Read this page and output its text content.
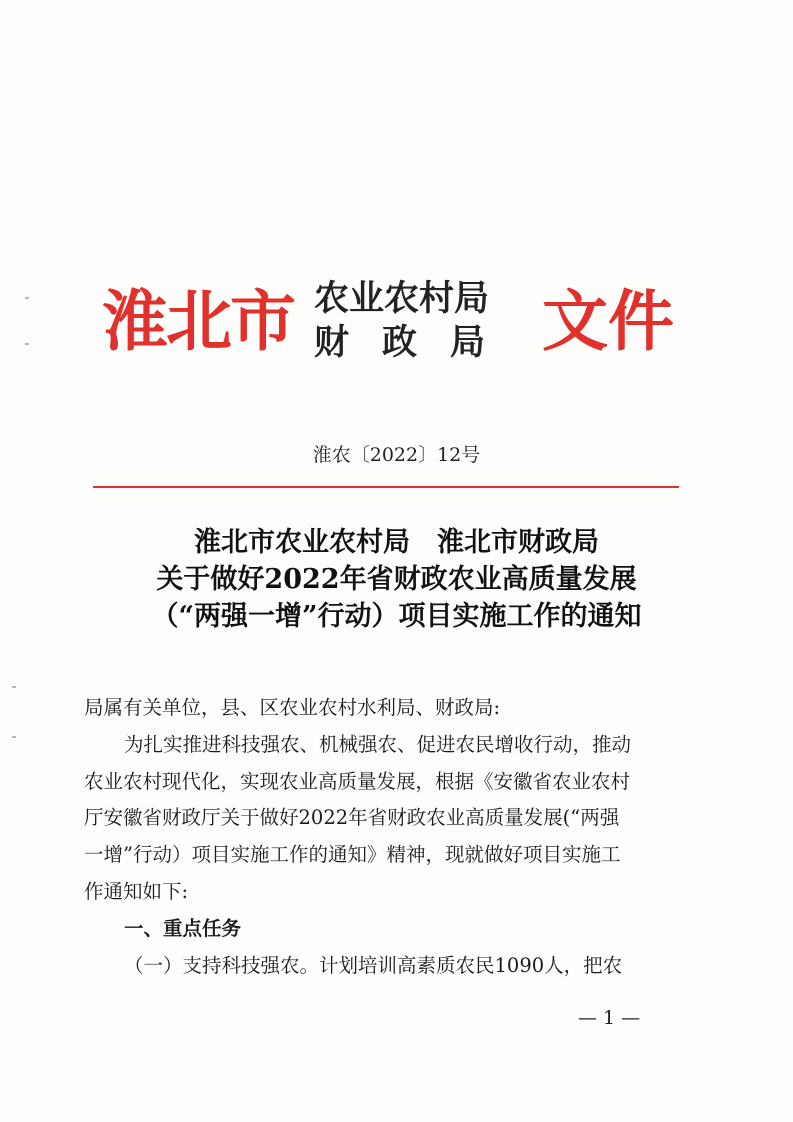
淮北市 农业农村局
财政局 文件
淮农〔2022〕12号
淮北市农业农村局　淮北市财政局
关于做好2022年省财政农业高质量发展
（“两强一增”行动）项目实施工作的通知
局属有关单位，县、区农业农村水利局、财政局:
为扎实推进科技强农、机械强农、促进农民增收行动，推动
农业农村现代化，实现农业高质量发展，根据《安徽省农业农村
厅安徽省财政厅关于做好2022年省财政农业高质量发展(“两强
一增”行动）项目实施工作的通知》精神，现就做好项目实施工
作通知如下:
一、重点任务
（一）支持科技强农。计划培训高素质农民1090人，把农
— 1 —
